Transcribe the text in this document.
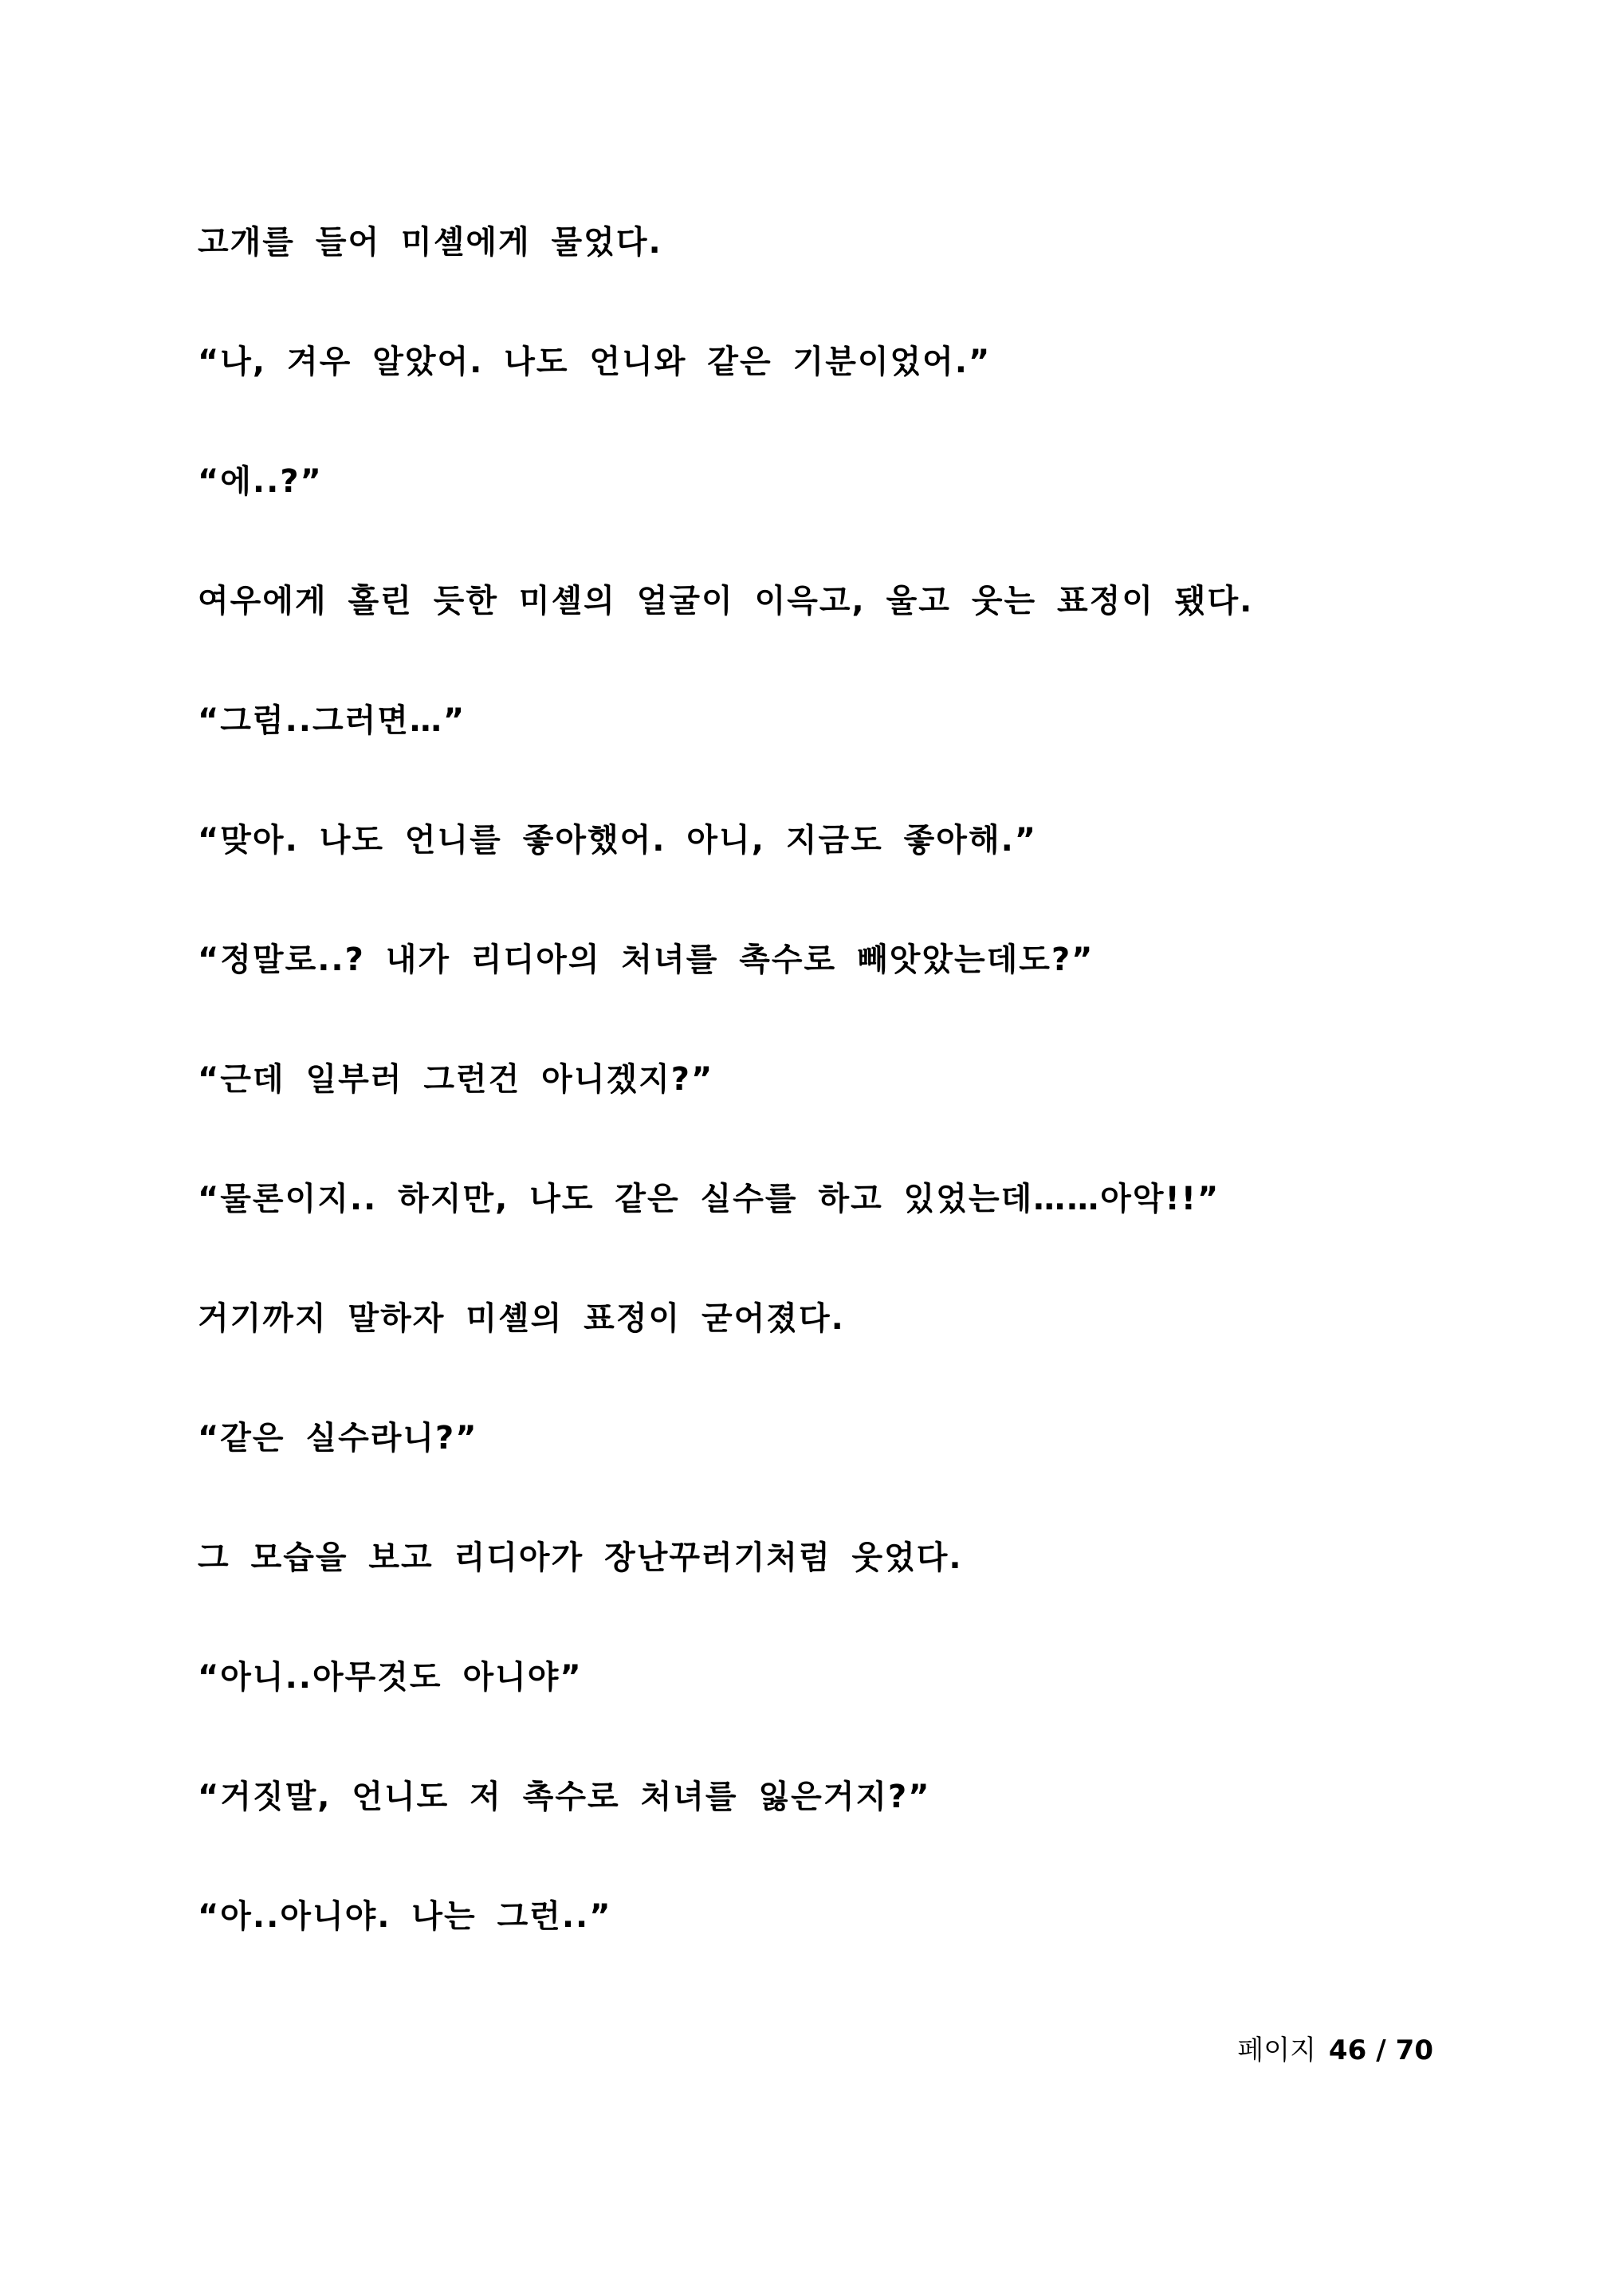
고개를 들어 미셸에게 물었다.

“나, 겨우 알았어. 나도 언니와 같은 기분이었어.”

“에..?”

여우에게 홀린 듯한 미셸의 얼굴이 이윽고, 울고 웃는 표정이 됐다.

“그럼..그러면…”

“맞아. 나도 언니를 좋아했어. 아니, 지금도 좋아해.”

“정말로..? 내가 리디아의 처녀를 촉수로 빼앗았는데도?”

“근데 일부러 그런건 아니겠지?”

“물론이지.. 하지만, 나도 같은 실수를 하고 있었는데……아악!!”

거기까지 말하자 미셸의 표정이 굳어졌다.

“같은 실수라니?”

그 모습을 보고 리디아가 장난꾸러기처럼 웃었다.

“아니..아무것도 아니야”

“거짓말, 언니도 저 촉수로 처녀를 잃은거지?”

“아..아니야. 나는 그런..”

페이지 46 / 70
